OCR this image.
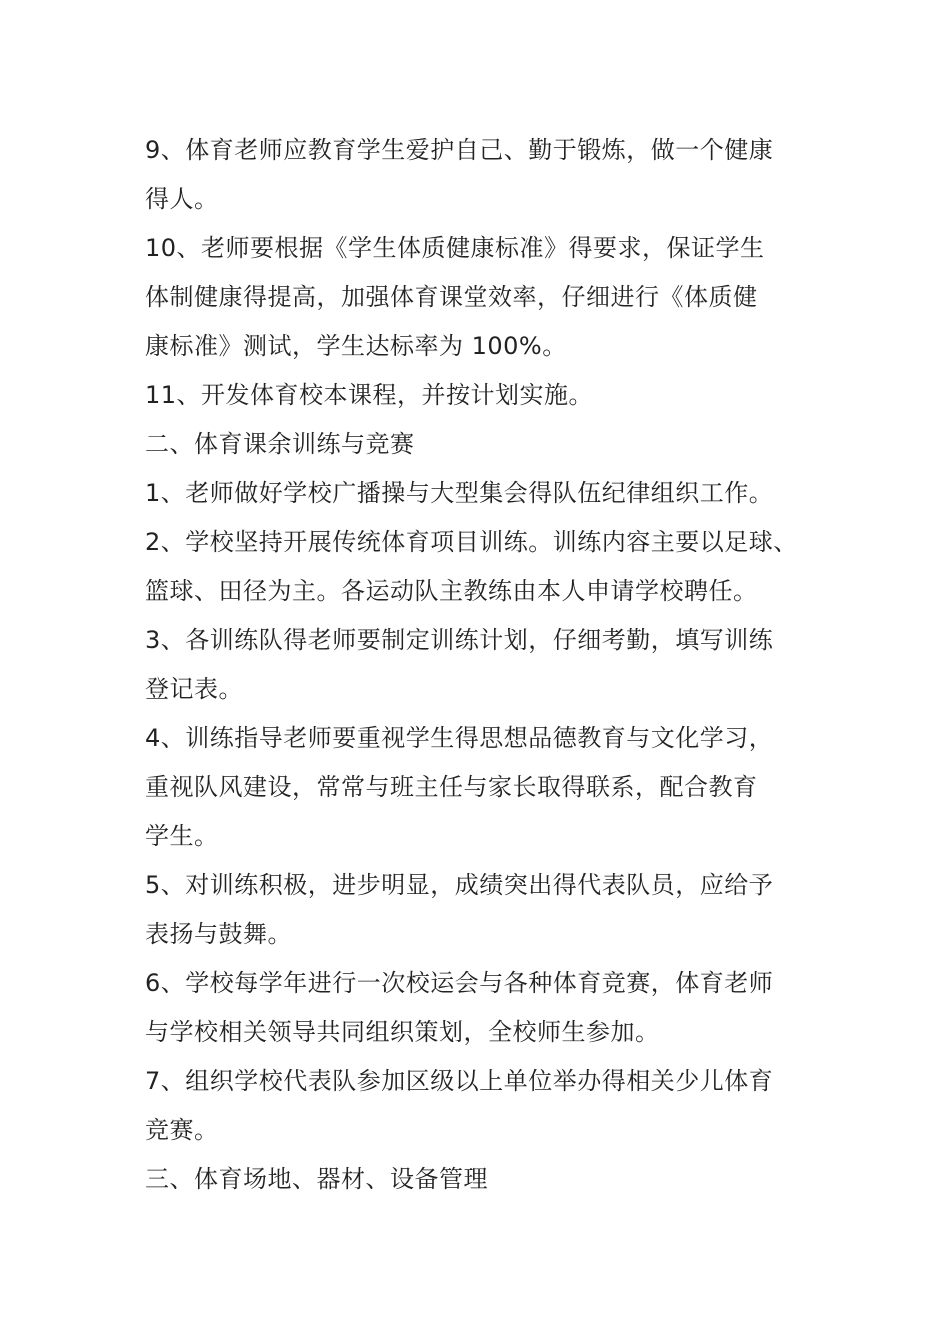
9、体育老师应教育学生爱护自己、勤于锻炼，做一个健康
得人。

10、老师要根据《学生体质健康标准》得要求，保证学生
体制健康得提高，加强体育课堂效率，仔细进行《体质健
康标准》测试，学生达标率为 100%。

11、开发体育校本课程，并按计划实施。

二、体育课余训练与竞赛

1、老师做好学校广播操与大型集会得队伍纪律组织工作。

2、学校坚持开展传统体育项目训练。训练内容主要以足球、
篮球、田径为主。各运动队主教练由本人申请学校聘任。

3、各训练队得老师要制定训练计划，仔细考勤，填写训练
登记表。

4、训练指导老师要重视学生得思想品德教育与文化学习，
重视队风建设，常常与班主任与家长取得联系，配合教育
学生。

5、对训练积极，进步明显，成绩突出得代表队员，应给予
表扬与鼓舞。

6、学校每学年进行一次校运会与各种体育竞赛，体育老师
与学校相关领导共同组织策划，全校师生参加。

7、组织学校代表队参加区级以上单位举办得相关少儿体育
竞赛。

三、体育场地、器材、设备管理
